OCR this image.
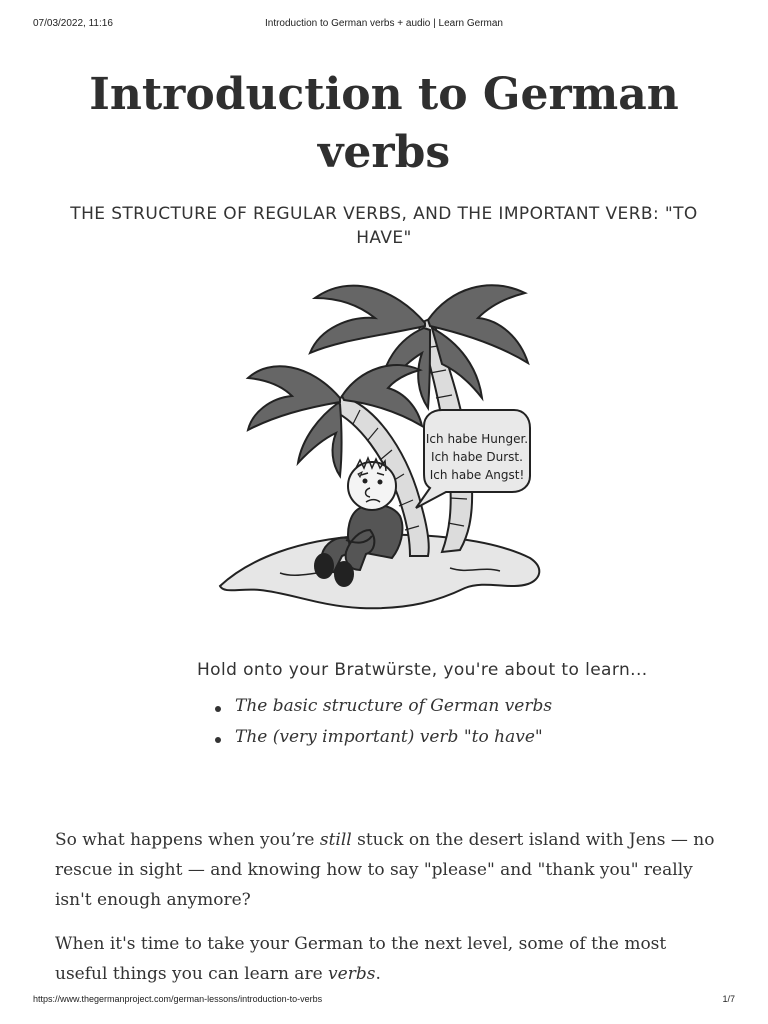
07/03/2022, 11:16	Introduction to German verbs + audio | Learn German
Introduction to German verbs
THE STRUCTURE OF REGULAR VERBS, AND THE IMPORTANT VERB: "TO HAVE"
Ich habe Hunger.
Ich habe Durst.
Ich habe Angst!
Hold onto your Bratwürste, you're about to learn...
The basic structure of German verbs
The (very important) verb "to have"

So what happens when you’re still stuck on the desert island with Jens — no rescue in sight — and knowing how to say "please" and "thank you" really isn't enough anymore?

When it's time to take your German to the next level, some of the most useful things you can learn are verbs.

https://www.thegermanproject.com/german-lessons/introduction-to-verbs	1/7
